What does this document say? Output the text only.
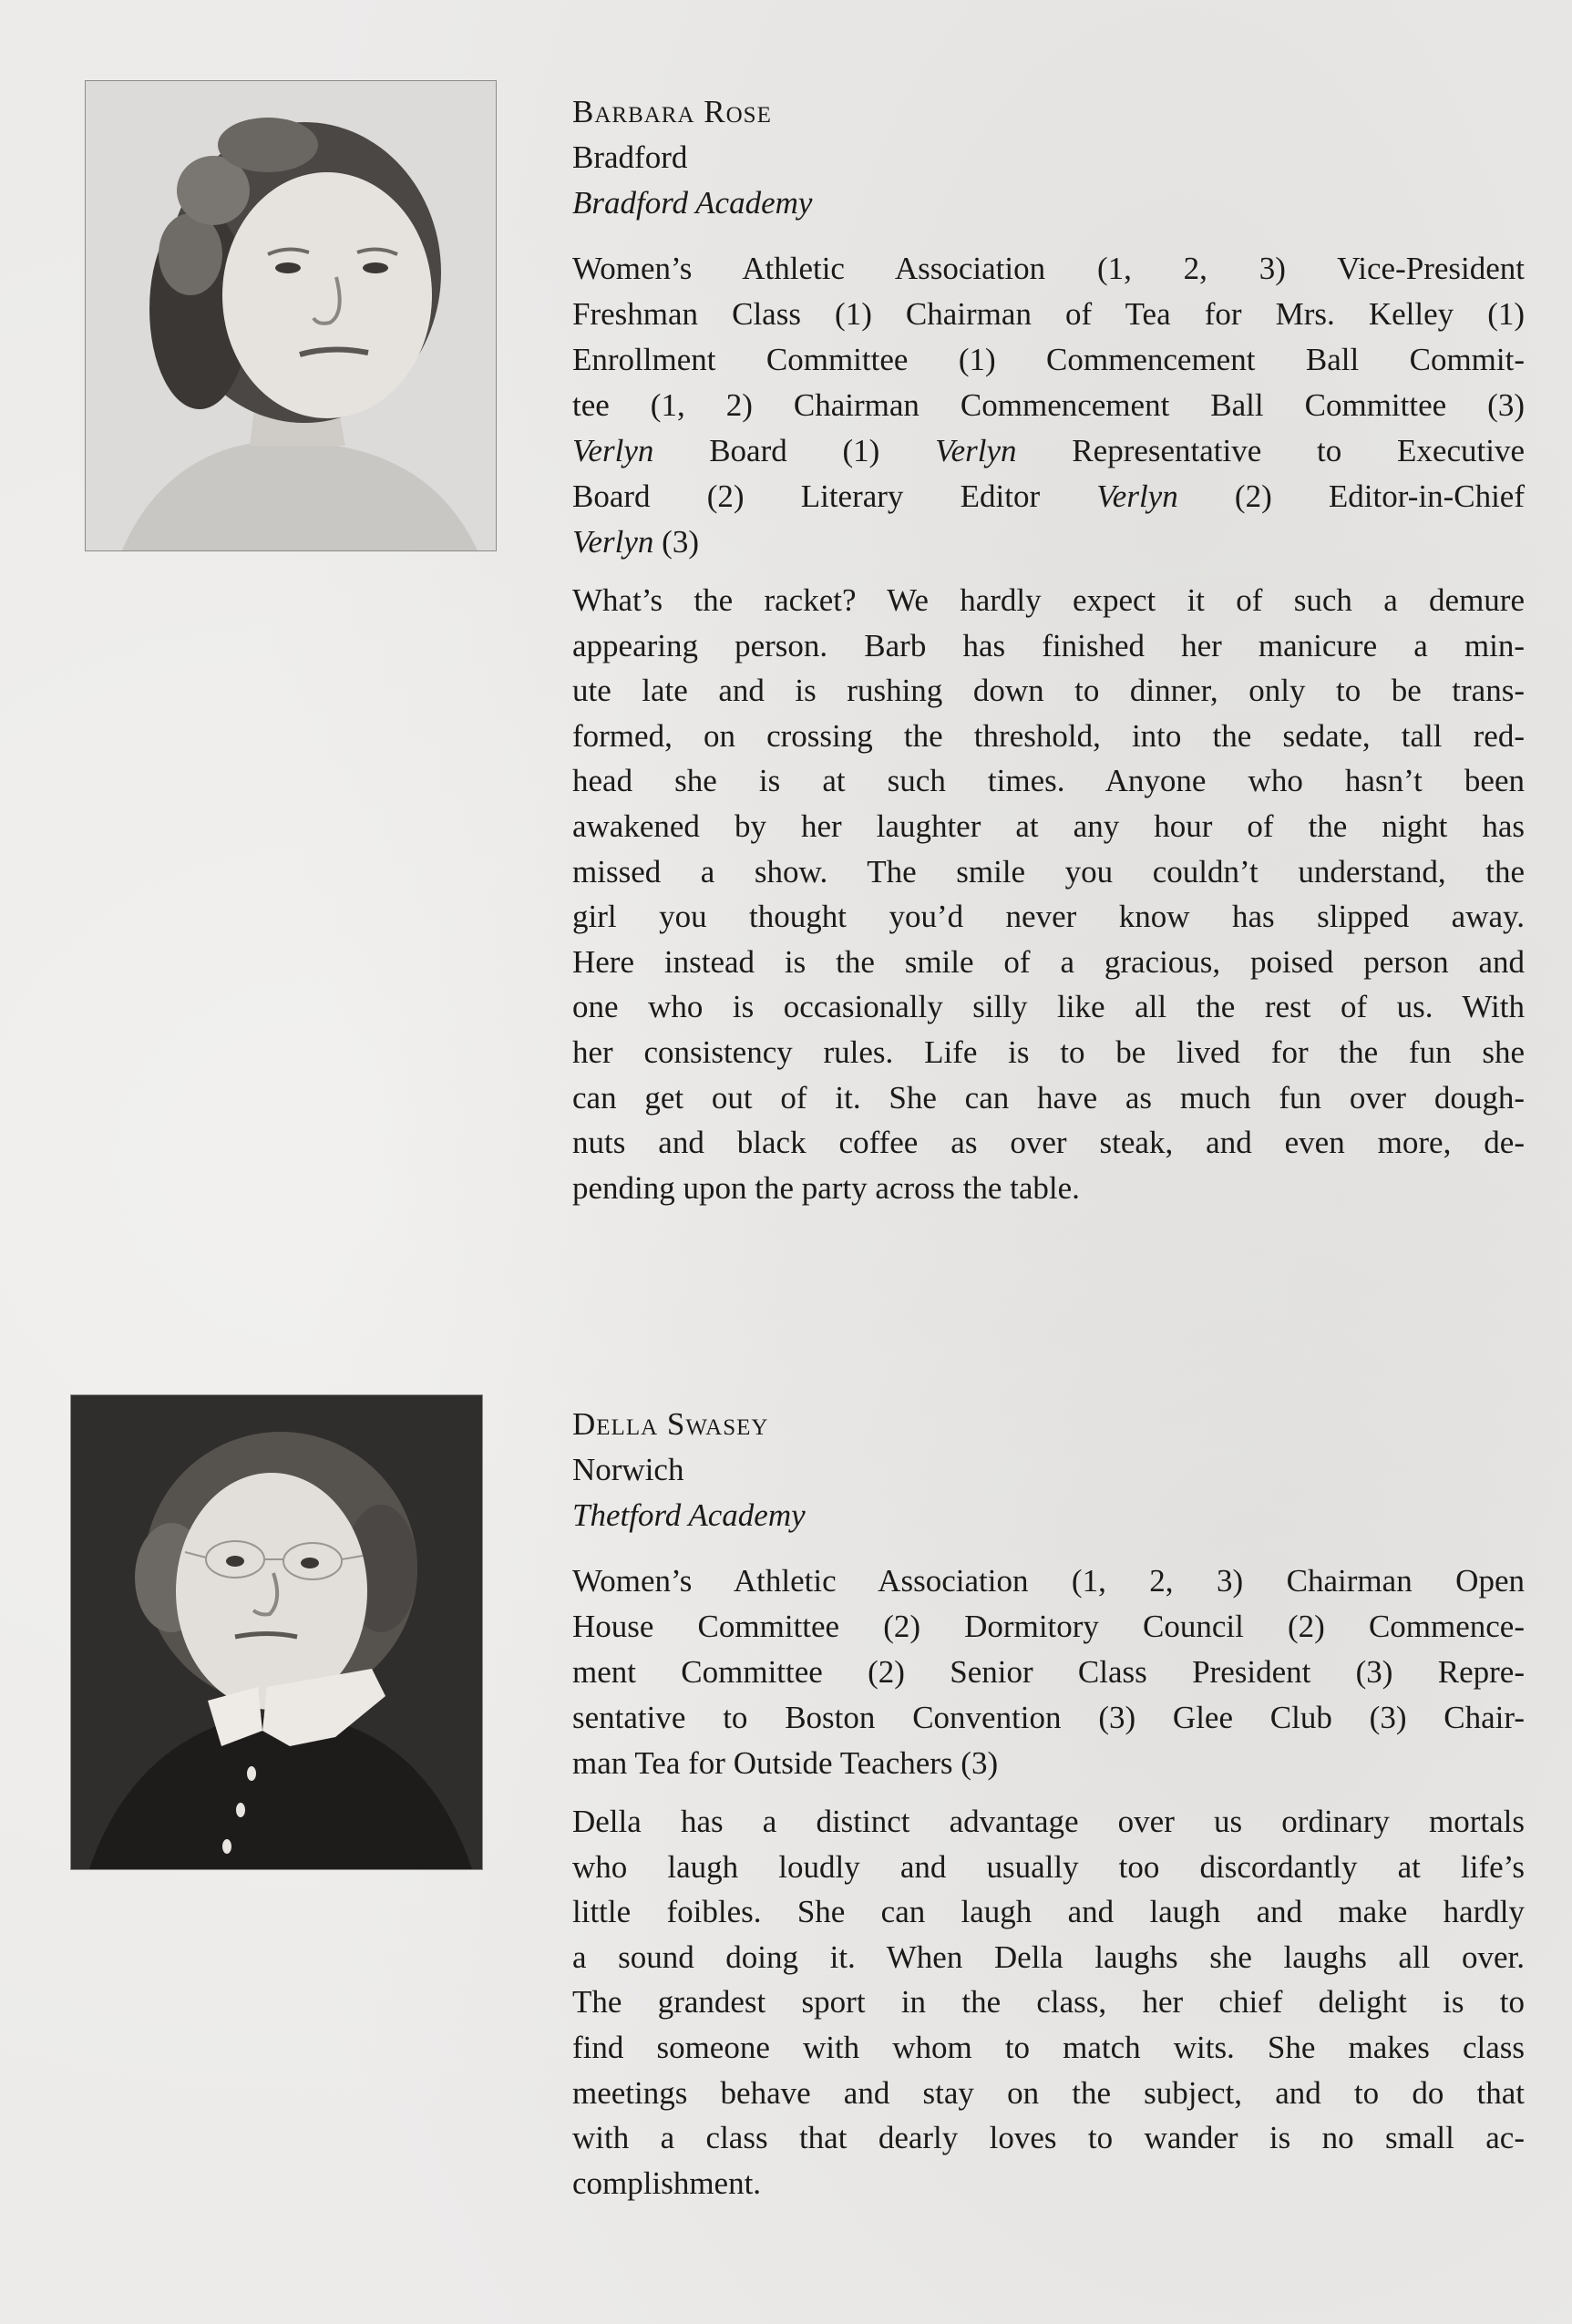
Barbara Rose
Bradford
Bradford Academy
Women’s Athletic Association (1, 2, 3) Vice-President
Freshman Class (1) Chairman of Tea for Mrs. Kelley (1)
Enrollment Committee (1) Commencement Ball Commit-
tee (1, 2) Chairman Commencement Ball Committee (3)
Verlyn Board (1) Verlyn Representative to Executive
Board (2) Literary Editor Verlyn (2) Editor-in-Chief
Verlyn (3)
What’s the racket? We hardly expect it of such a demure
appearing person. Barb has finished her manicure a min-
ute late and is rushing down to dinner, only to be trans-
formed, on crossing the threshold, into the sedate, tall red-
head she is at such times. Anyone who hasn’t been
awakened by her laughter at any hour of the night has
missed a show. The smile you couldn’t understand, the
girl you thought you’d never know has slipped away.
Here instead is the smile of a gracious, poised person and
one who is occasionally silly like all the rest of us. With
her consistency rules. Life is to be lived for the fun she
can get out of it. She can have as much fun over dough-
nuts and black coffee as over steak, and even more, de-
pending upon the party across the table.
Della Swasey
Norwich
Thetford Academy
Women’s Athletic Association (1, 2, 3) Chairman Open
House Committee (2) Dormitory Council (2) Commence-
ment Committee (2) Senior Class President (3) Repre-
sentative to Boston Convention (3) Glee Club (3) Chair-
man Tea for Outside Teachers (3)
Della has a distinct advantage over us ordinary mortals
who laugh loudly and usually too discordantly at life’s
little foibles. She can laugh and laugh and make hardly
a sound doing it. When Della laughs she laughs all over.
The grandest sport in the class, her chief delight is to
find someone with whom to match wits. She makes class
meetings behave and stay on the subject, and to do that
with a class that dearly loves to wander is no small ac-
complishment.
